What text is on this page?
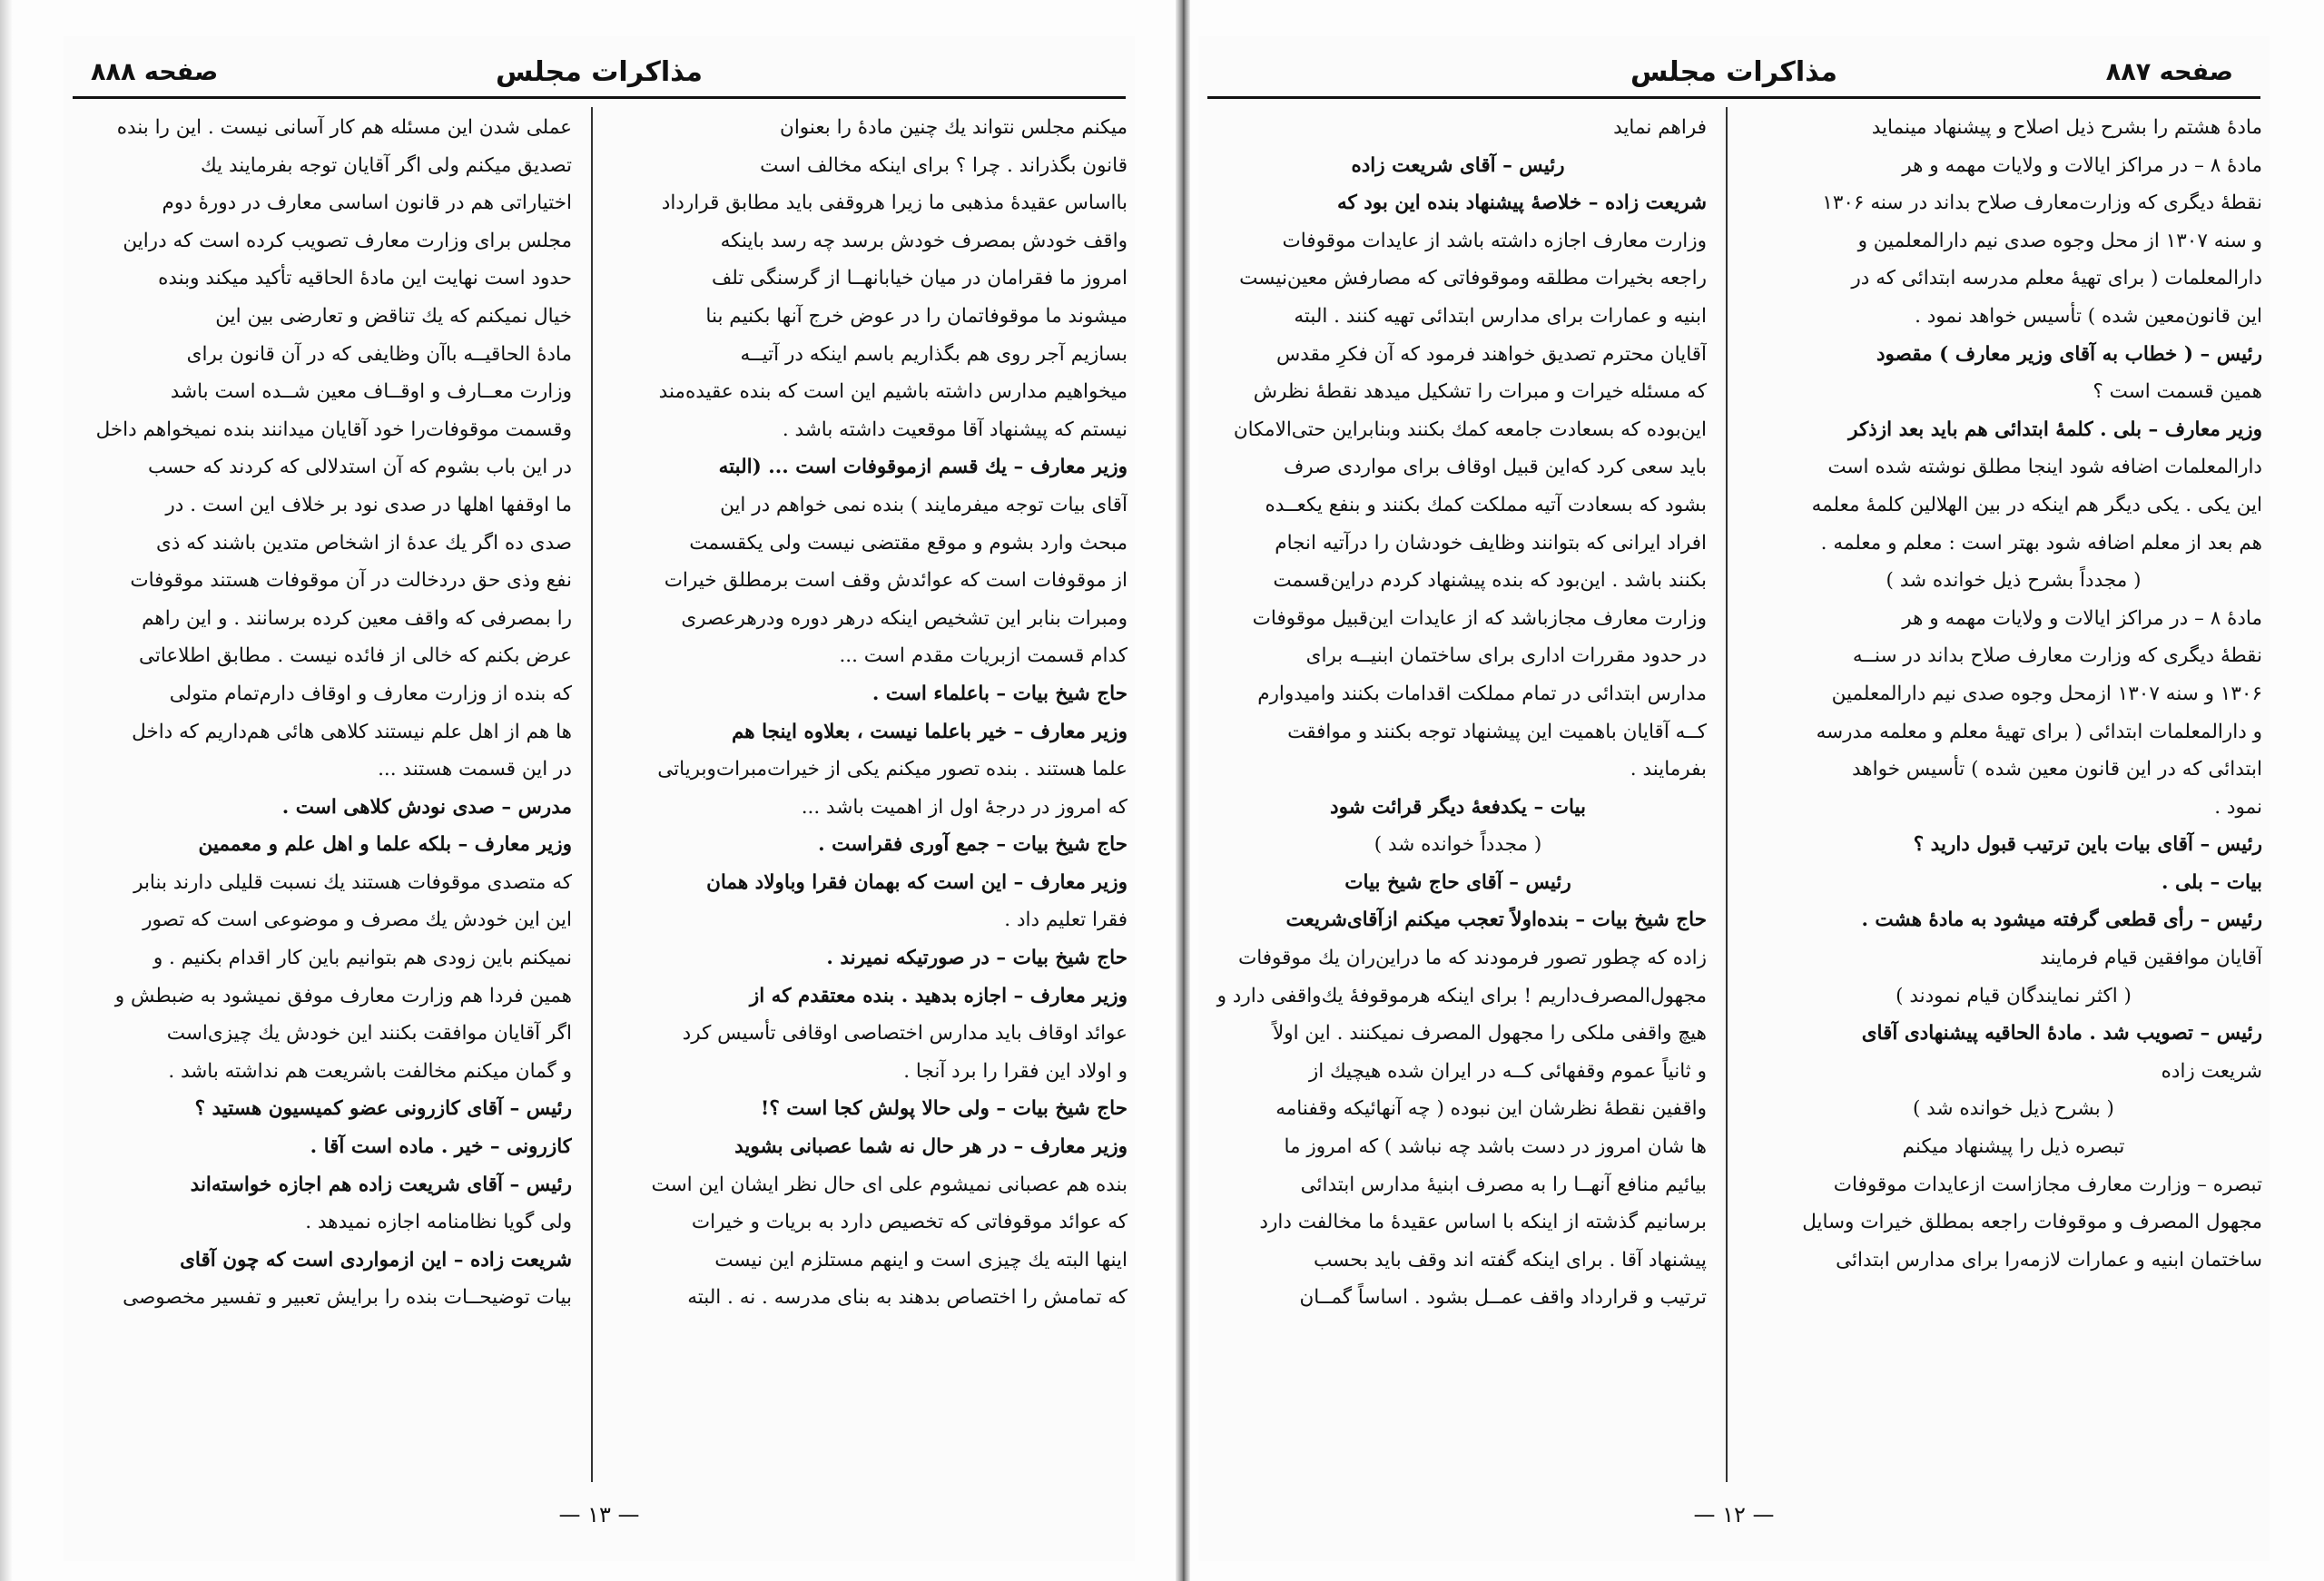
مذاکرات مجلس
صفحه ۸۸۸

میکنم مجلس نتواند یك چنین مادهٔ را بعنوان

قانون بگذراند . چرا ؟ برای اینکه مخالف است

بااساس عقیدهٔ مذهبی ما زیرا هروقفی باید مطابق قرارداد

واقف خودش بمصرف خودش برسد چه رسد باینکه

امروز ما فقرامان در میان خیابانهــا از گرسنگی تلف

میشوند ما موقوفاتمان را در عوض خرج آنها بکنیم بنا

بسازیم آجر روی هم بگذاریم باسم اینکه در آتیــه

میخواهیم مدارس داشته باشیم این است که بنده عقیده‌مند

نیستم که پیشنهاد آقا موقعیت داشته باشد .

وزیر معارف – یك قسم ازموقوفات است ... (البته

آقای بیات توجه میفرمایند ) بنده نمی خواهم در این

مبحث وارد بشوم و موقع مقتضی نیست ولی یکقسمت

از موقوفات است که عوائدش وقف است برمطلق خیرات

ومبرات بنابر این تشخیص اینکه درهر دوره ودرهرعصری

کدام قسمت ازبریات مقدم است ...

حاج شیخ بیات – باعلماء است .

وزیر معارف – خیر باعلما نیست ، بعلاوه اینجا هم

علما هستند . بنده تصور میکنم یکی از خیرات‌مبرات‌وبریاتی

که امروز در درجهٔ اول از اهمیت باشد ...

حاج شیخ بیات – جمع آوری فقراست .

وزیر معارف – این است که بهمان فقرا وباولاد همان

فقرا تعلیم داد .

حاج شیخ بیات – در صورتیکه نمیرند .

وزیر معارف – اجازه بدهید . بنده معتقدم که از

عوائد اوقاف باید مدارس اختصاصی اوقافی تأسیس کرد

و اولاد این فقرا را برد آنجا .

حاج شیخ بیات – ولی حالا پولش کجا است ؟!

وزیر معارف – در هر حال نه شما عصبانی بشوید

بنده هم عصبانی نمیشوم علی ای حال نظر ایشان این است

که عوائد موقوفاتی که تخصیص دارد به بریات و خیرات

اینها البته یك چیزی است و اینهم مستلزم این نیست

که تمامش را اختصاص بدهند به بنای مدرسه . نه . البته

عملی شدن این مسئله هم کار آسانی نیست . این را بنده

تصدیق میکنم ولی اگر آقایان توجه بفرمایند یك

اختیاراتی هم در قانون اساسی معارف در دورهٔ دوم

مجلس برای وزارت معارف تصویب کرده است که دراین

حدود است نهایت این مادهٔ الحاقیه تأکید میکند وبنده

خیال نمیکنم که یك تناقض و تعارضی بین این

مادهٔ الحاقیــه باآن وظایفی که در آن قانون برای

وزارت معــارف و اوقــاف معین شــده است باشد

وقسمت موقوفات‌را خود آقایان میدانند بنده نمیخواهم داخل

در این باب بشوم که آن استدلالی که کردند که حسب

ما اوقفها اهلها در صدی نود بر خلاف این است . در

صدی ده اگر یك عدهٔ از اشخاص متدین باشند که ذی

نفع وذی حق دردخالت در آن موقوفات هستند موقوفات

را بمصرفی که واقف معین کرده برسانند . و این راهم

عرض بکنم که خالی از فائده نیست . مطابق اطلاعاتی

که بنده از وزارت معارف و اوقاف دارم‌تمام متولی

ها هم از اهل علم نیستند کلاهی هائی هم‌داریم که داخل

در این قسمت هستند ...

مدرس – صدی نودش کلاهی است .

وزیر معارف – بلکه علما و اهل علم و معممین

که متصدی موقوفات هستند یك نسبت قلیلی دارند بنابر

این این خودش یك مصرف و موضوعی است که تصور

نمیکنم باین زودی هم بتوانیم باین کار اقدام بکنیم . و

همین فردا هم وزارت معارف موفق نمیشود به ضبطش و

اگر آقایان موافقت بکنند این خودش یك چیزی‌است

و گمان میکنم مخالفت باشریعت هم نداشته باشد .

رئیس – آقای کازرونی عضو کمیسیون هستید ؟

کازرونی – خیر . ماده است آقا .

رئیس – آقای شریعت زاده هم اجازه خواسته‌اند

ولی گویا نظامنامه اجازه نمیدهد .

شریعت زاده – این ازمواردی است که چون آقای

بیات توضیحــات بنده را برایش تعبیر و تفسیر مخصوصی

— ۱۳ —
مذاکرات مجلس	صفحه ۸۸۷

مادهٔ هشتم را بشرح ذیل اصلاح و پیشنهاد مینماید

مادهٔ ۸ – در مراکز ایالات و ولایات مهمه و هر

نقطهٔ دیگری که وزارت‌معارف صلاح بداند در سنه ۱۳۰۶

و سنه ۱۳۰۷ از محل وجوه صدی نیم دارالمعلمین و

دارالمعلمات ( برای تهیهٔ معلم مدرسه ابتدائی که در

این قانون‌معین شده ) تأسیس خواهد نمود .

رئیس – ( خطاب به آقای وزیر معارف ) مقصود

همین قسمت است ؟

وزیر معارف – بلی . کلمهٔ ابتدائی هم باید بعد ازذکر

دارالمعلمات اضافه شود اینجا مطلق نوشته شده است

این یکی . یکی دیگر هم اینکه در بین الهلالین کلمهٔ معلمه

هم بعد از معلم اضافه شود بهتر است : معلم و معلمه .

( مجدداً بشرح ذیل خوانده شد )

مادهٔ ۸ – در مراکز ایالات و ولایات مهمه و هر

نقطهٔ دیگری که وزارت معارف صلاح بداند در سنــه

۱۳۰۶ و سنه ۱۳۰۷ ازمحل وجوه صدی نیم دارالمعلمین

و دارالمعلمات ابتدائی ( برای تهیهٔ معلم و معلمه مدرسه

ابتدائی که در این قانون معین شده ) تأسیس خواهد

نمود .

رئیس – آقای بیات باین ترتیب قبول دارید ؟

بیات – بلی .

رئیس – رأی قطعی گرفته میشود به مادهٔ هشت .

آقایان موافقین قیام فرمایند

( اکثر نمایندگان قیام نمودند )

رئیس – تصویب شد . مادهٔ الحاقیه پیشنهادی آقای

شریعت زاده

( بشرح ذیل خوانده شد )

تبصره ذیل را پیشنهاد میکنم

تبصره – وزارت معارف مجازاست ازعایدات موقوفات

مجهول المصرف و موقوفات راجعه بمطلق خیرات وسایل

ساختمان ابنیه و عمارات لازمه‌را برای مدارس ابتدائی

فراهم نماید

رئیس – آقای شریعت زاده

شریعت زاده – خلاصهٔ پیشنهاد بنده این بود که

وزارت معارف اجازه داشته باشد از عایدات موقوفات

راجعه بخیرات مطلقه وموقوفاتی که مصارفش معین‌نیست

ابنیه و عمارات برای مدارس ابتدائی تهیه کنند . البته

آقایان محترم تصدیق خواهند فرمود که آن فکرِ مقدس

که مسئله خیرات و مبرات را تشکیل میدهد نقطهٔ نظرش

این‌بوده که بسعادت جامعه کمك بکنند وبنابراین حتی‌الامکان

باید سعی کرد که‌این قبیل اوقاف برای مواردی صرف

بشود که بسعادت آتیه مملکت کمك بکنند و بنفع یکعــده

افراد ایرانی که بتوانند وظایف خودشان را درآتیه انجام

بکنند باشد . این‌بود که بنده پیشنهاد کردم دراین‌قسمت

وزارت معارف مجازباشد که از عایدات این‌قبیل موقوفات

در حدود مقررات اداری برای ساختمان ابنیــه برای

مدارس ابتدائی در تمام مملکت اقدامات بکنند وامیدوارم

کــه آقایان باهمیت این پیشنهاد توجه بکنند و موافقت

بفرمایند .

بیات – یکدفعهٔ دیگر قرائت شود

( مجدداً خوانده شد )

رئیس – آقای حاج شیخ بیات

حاج شیخ بیات – بنده‌اولاً تعجب میکنم ازآقای‌شریعت

زاده که چطور تصور فرمودند که ما دراین‌ران یك موقوفات

مجهول‌المصرف‌داریم ! برای اینکه هرموقوفهٔ یك‌واقفی دارد و

هیچ واقفی ملکی را مجهول المصرف نمیکنند . این اولاً

و ثانیاً عموم وقفهائی کــه در ایران شده هیچیك از

واقفین نقطهٔ نظرشان این نبوده ( چه آنهائیکه وقفنامه

ها شان امروز در دست باشد چه نباشد ) که امروز ما

بیائیم منافع آنهــا را به مصرف ابنیهٔ مدارس ابتدائی

برسانیم گذشته از اینکه با اساس عقیدهٔ ما مخالفت دارد

پیشنهاد آقا . برای اینکه گفته اند وقف باید بحسب

ترتیب و قرارداد واقف عمــل بشود . اساساً گمــان

— ۱۲ —
